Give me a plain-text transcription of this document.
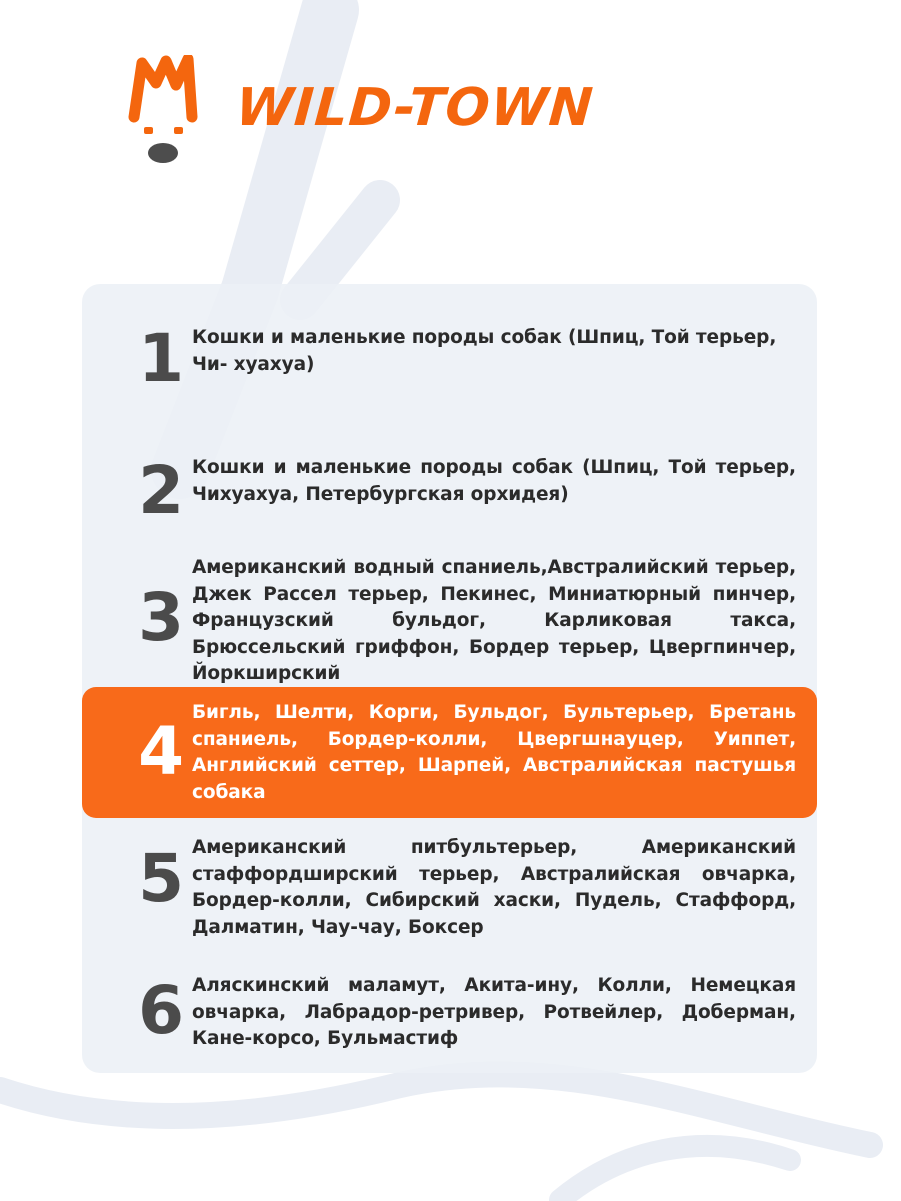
WILD-TOWN
1 Кошки и маленькие породы собак (Шпиц, Той терьер, Чи- хуахуа)
2 Кошки и маленькие породы собак (Шпиц, Той терьер, Чихуахуа, Петербургская орхидея)
3
Американский водный спаниель,Австралийский терьер, Джек Рассел терьер, Пекинес, Миниатюрный пинчер, Французский бульдог, Карликовая такса, Брюссельский гриффон, Бордер терьер, Цвергпинчер, Йоркширский
4
Бигль, Шелти, Корги, Бульдог, Бультерьер, Бретань спаниель, Бордер-колли, Цвергшнауцер, Уиппет, Английский сеттер, Шарпей, Австралийская пастушья собака
5 Американский питбультерьер, Американский стаффордширский терьер, Австралийская овчарка, Бордер-колли, Сибирский хаски, Пудель, Стаффорд, Далматин, Чау-чау, Боксер
6 Аляскинский маламут, Акита-ину, Колли, Немецкая овчарка, Лабрадор-ретривер, Ротвейлер, Доберман, Кане-корсо, Бульмастиф
